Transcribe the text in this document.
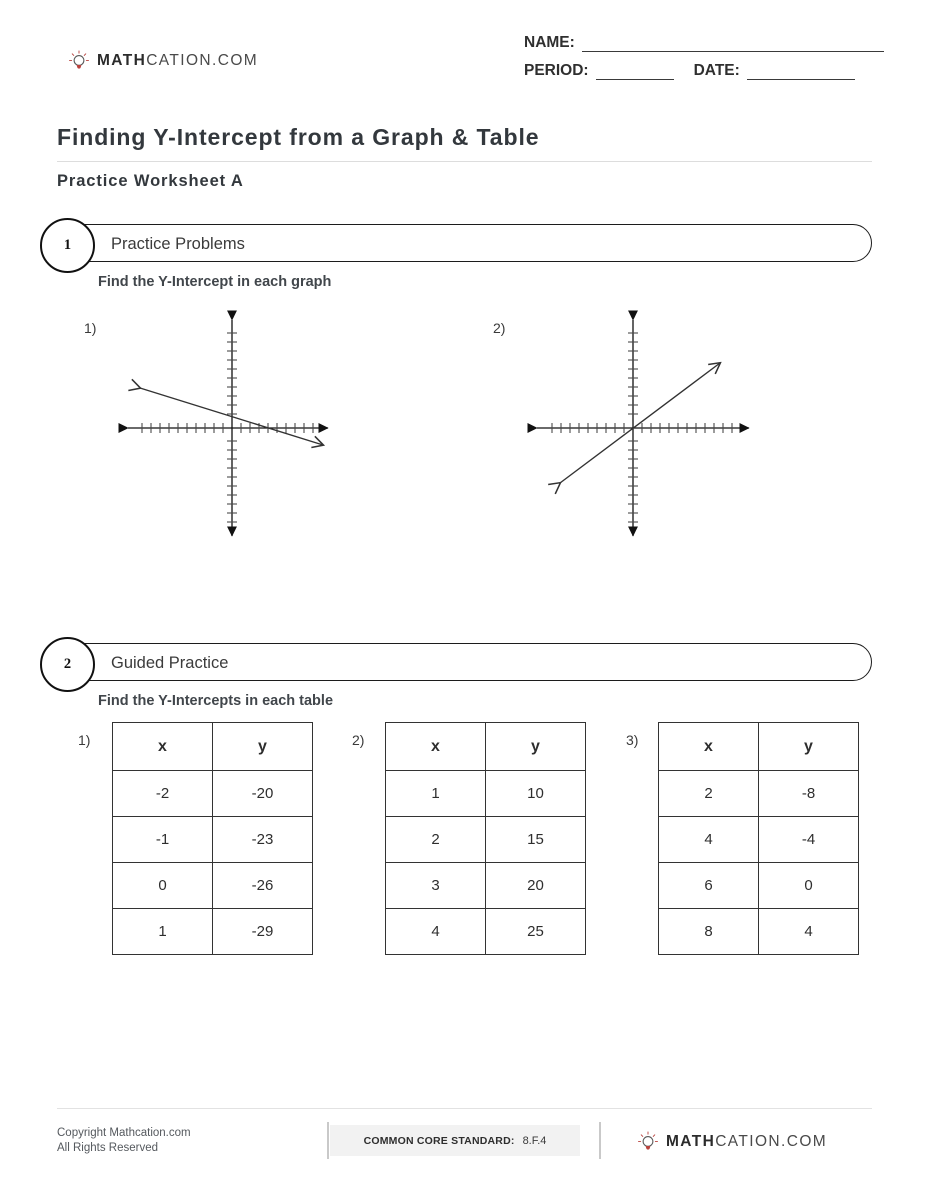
MATHCATION.COM
NAME:
PERIOD:	DATE:
Finding Y-Intercept from a Graph & Table
Practice Worksheet A
1	Practice Problems
Find the Y-Intercept in each graph
1)	2)
2	Guided Practice
Find the Y-Intercepts in each table
1)	x	y
-2	-20
-1	-23
0	-26
1	-29
2)	x	y
1	10
2	15
3	20
4	25
3)	x	y
2	-8
4	-4
6	0
8	4
Copyright Mathcation.com
All Rights Reserved
COMMON CORE STANDARD: 8.F.4	MATHCATION.COM
